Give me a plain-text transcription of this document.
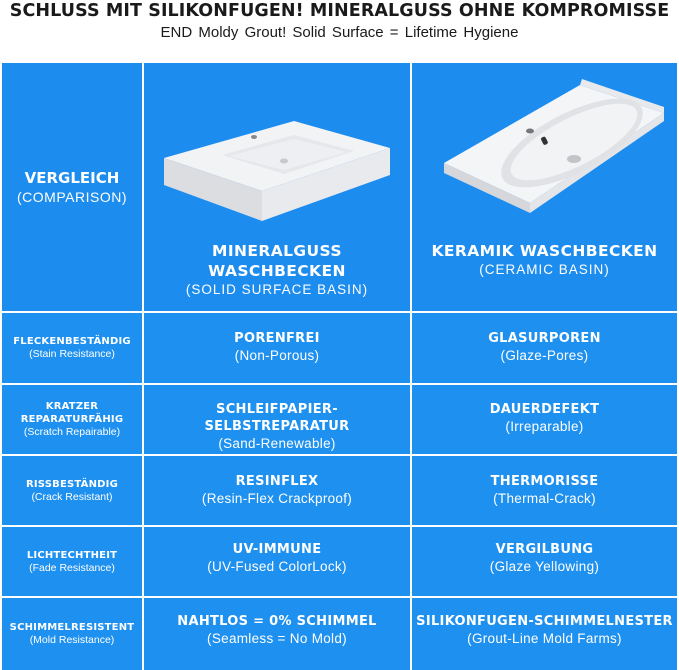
SCHLUSS MIT SILIKONFUGEN! MINERALGUSS OHNE KOMPROMISSE
END Moldy Grout! Solid Surface = Lifetime Hygiene
VERGLEICH
(COMPARISON)
MINERALGUSS WASCHBECKEN
(SOLID SURFACE BASIN)
KERAMIK WASCHBECKEN
(CERAMIC BASIN)
FLECKENBESTÄNDIG
(Stain Resistance)
PORENFREI
(Non-Porous)
GLASURPOREN
(Glaze-Pores)
KRATZER
REPARATURFÄHIG
(Scratch Repairable)
SCHLEIFPAPIER-SELBSTREPARATUR
(Sand-Renewable)
DAUERDEFEKT
(Irreparable)
RISSBESTÄNDIG
(Crack Resistant)
RESINFLEX
(Resin-Flex Crackproof)
THERMORISSE
(Thermal-Crack)
LICHTECHTHEIT
(Fade Resistance)
UV-IMMUNE
(UV-Fused ColorLock)
VERGILBUNG
(Glaze Yellowing)
SCHIMMELRESISTENT
(Mold Resistance)
NAHTLOS = 0% SCHIMMEL
(Seamless = No Mold)
SILIKONFUGEN-SCHIMMELNESTER
(Grout-Line Mold Farms)
